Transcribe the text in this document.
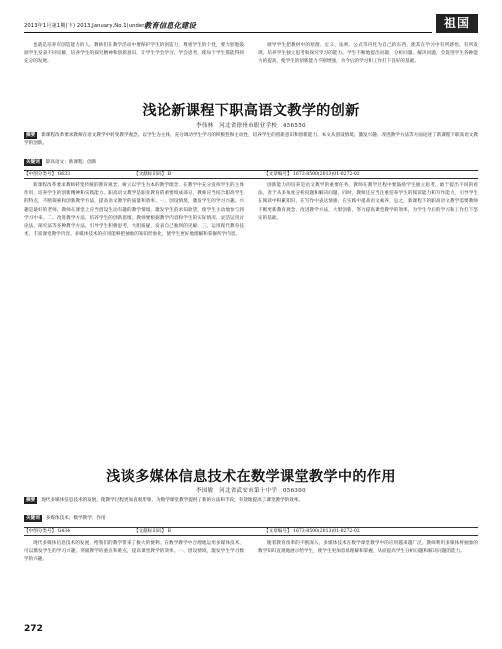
2013年1月第1期(下) 2013,January,No.1(under)
教育信息化建设	祖国

也就是培养有创造能力的人。教师们在教学活动中要保护学生的创造力，尊重学生的个性，要大胆地鼓励学生发表不同见解，培养学生的探究精神和创新意识，让学生学会学习，学会思考，使每个学生都能得到充分的发展。

调导学生把教材中的原理、定义、法则、公式等内化为自己的东西，使其在学习中有所感悟，有所发现，培养学生独立思考和探究学习的能力。学生不断地提出问题、分析问题、解决问题，会促进学生各种能力的提高，使学生的创新能力不断增强，为今后的学习和工作打下良好的基础。

浅论新课程下职高语文教学的创新
李伟林　河北省徐州市职业学校　456550
摘要 新课程改革要求教师在语文教学中转变教学观念，以学生为主体，充分调动学生学习的积极性和主动性，培养学生的创新意识和创新能力。本文从创设情境、激发兴趣、改进教学方法等方面论述了新课程下职高语文教学的创新。
关键词 职高语文；新课程；创新
【中图分类号】 G633	【文献标识码】 B	【文章编号】 1673-8500(2013)01-0272-02

新课程改革要求教师转变传统的教育观念，树立以学生为本的教学理念，在教学中充分发挥学生的主体作用，培养学生的创新精神和实践能力。职高语文教学是职业教育的重要组成部分，教师应当结合职高学生的特点，不断探索和创新教学方法，提高语文教学的质量和效率。一、创设情境，激发学生的学习兴趣。兴趣是最好的老师，教师在课堂上应当创设生动有趣的教学情境，激发学生的求知欲望，使学生主动地参与到学习中来。二、改进教学方法，培养学生的创新思维。教师要根据教学内容和学生的实际情况，灵活运用讨论法、探究法等多种教学方法，引导学生积极思考，大胆质疑，发表自己独到的见解。三、运用现代教育技术，丰富课堂教学内容。多媒体技术的应用能够把抽象的知识形象化，使学生更好地理解和掌握所学内容。

创新能力的培养是语文教学的重要任务。教师在教学过程中要鼓励学生独立思考，敢于提出不同的看法，善于从多角度分析问题和解决问题。同时，教师还应当注重培养学生的阅读能力和写作能力，引导学生在阅读中积累知识，在写作中表达情感，在实践中提高语文素养。总之，新课程下的职高语文教学需要教师不断更新教育观念，改进教学方法，大胆创新，努力提高课堂教学的效率，为学生今后的学习和工作打下坚实的基础。

浅谈多媒体信息技术在数学课堂教学中的作用
李国敏　河北省武安市第十中学　056300
摘要 现代多媒体信息技术的发展，使教学过程更加直观形象，为数学课堂教学提供了新的方法和手段，有效地提高了课堂教学的效率。
关键词 多媒体技术；数学教学；作用
【中图分类号】 G434	【文献标识码】 B	【文章编号】 1673-8500(2013)01-0272-02

现代多媒体信息技术的发展，给我们的教学带来了极大的便利。在数学教学中合理地运用多媒体技术，可以激发学生的学习兴趣，突破教学的重点和难点，提高课堂教学的效率。一、创设情境，激发学生学习数学的兴趣。

随着教育改革的不断深入，多媒体技术在数学课堂教学中的应用越来越广泛。教师利用多媒体将抽象的数学知识直观地展示给学生，使学生更加容易理解和掌握，从而提高学生分析问题和解决问题的能力。

272
